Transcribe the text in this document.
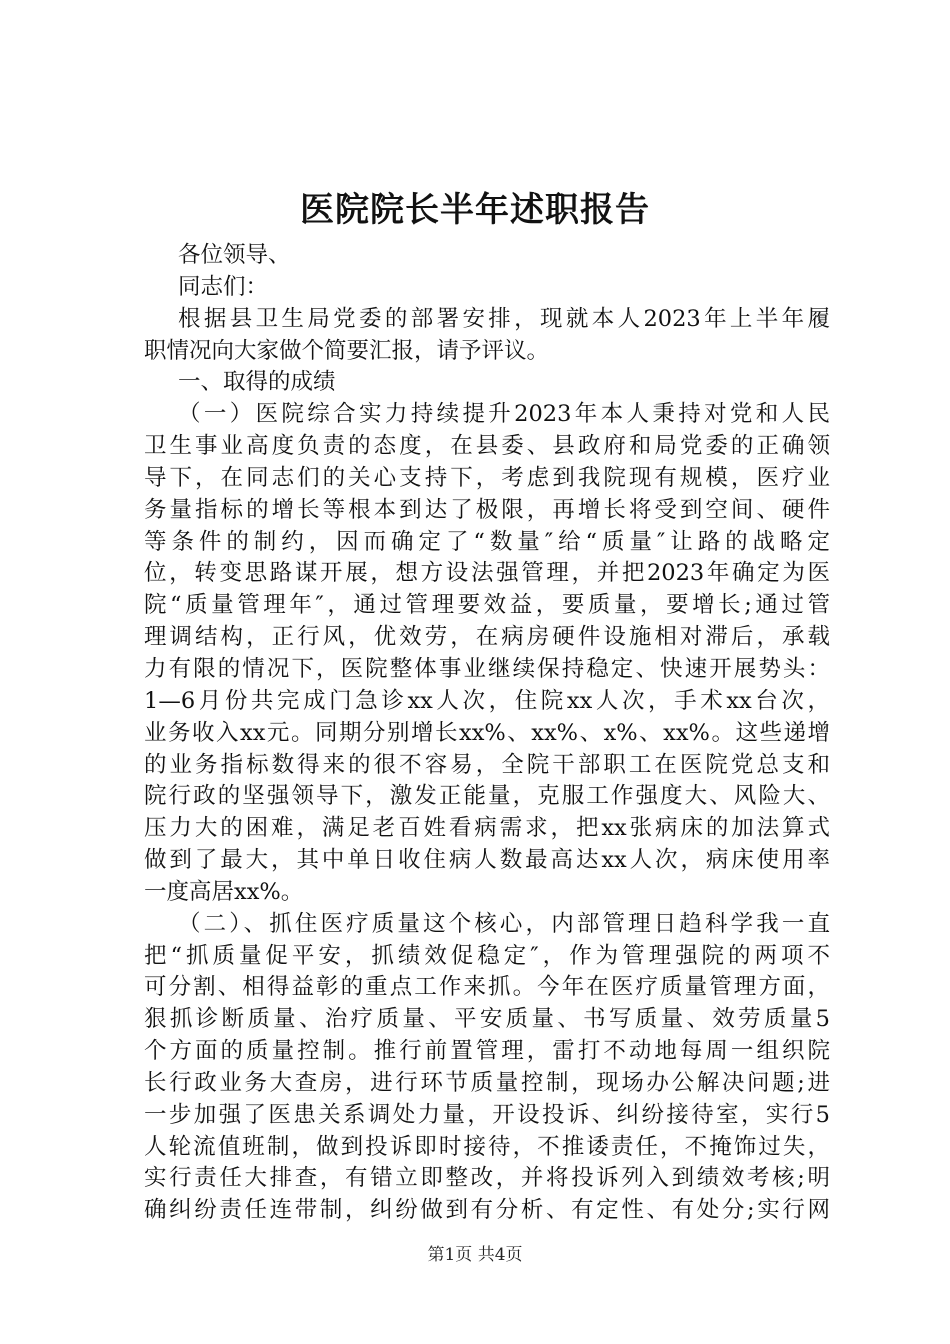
医院院长半年述职报告
各位领导、
同志们：
根据县卫生局党委的部署安排，现就本人2023年上半年履
职情况向大家做个简要汇报，请予评议。
一、取得的成绩
（一）医院综合实力持续提升2023年本人秉持对党和人民
卫生事业高度负责的态度，在县委、县政府和局党委的正确领
导下，在同志们的关心支持下，考虑到我院现有规模，医疗业
务量指标的增长等根本到达了极限，再增长将受到空间、硬件
等条件的制约，因而确定了“数量″给“质量″让路的战略定
位，转变思路谋开展，想方设法强管理，并把2023年确定为医
院“质量管理年″，通过管理要效益，要质量，要增长;通过管
理调结构，正行风，优效劳，在病房硬件设施相对滞后，承载
力有限的情况下，医院整体事业继续保持稳定、快速开展势头：
1—6月份共完成门急诊xx人次，住院xx人次，手术xx台次，
业务收入xx元。同期分别增长xx%、xx%、x%、xx%。这些递增
的业务指标数得来的很不容易，全院干部职工在医院党总支和
院行政的坚强领导下，激发正能量，克服工作强度大、风险大、
压力大的困难，满足老百姓看病需求，把xx张病床的加法算式
做到了最大，其中单日收住病人数最高达xx人次，病床使用率
一度高居xx%。
（二）、抓住医疗质量这个核心，内部管理日趋科学我一直
把“抓质量促平安，抓绩效促稳定″，作为管理强院的两项不
可分割、相得益彰的重点工作来抓。今年在医疗质量管理方面，
狠抓诊断质量、治疗质量、平安质量、书写质量、效劳质量5
个方面的质量控制。推行前置管理，雷打不动地每周一组织院
长行政业务大查房，进行环节质量控制，现场办公解决问题;进
一步加强了医患关系调处力量，开设投诉、纠纷接待室，实行5
人轮流值班制，做到投诉即时接待，不推诿责任，不掩饰过失，
实行责任大排查，有错立即整改，并将投诉列入到绩效考核;明
确纠纷责任连带制，纠纷做到有分析、有定性、有处分;实行网
第1页 共4页
